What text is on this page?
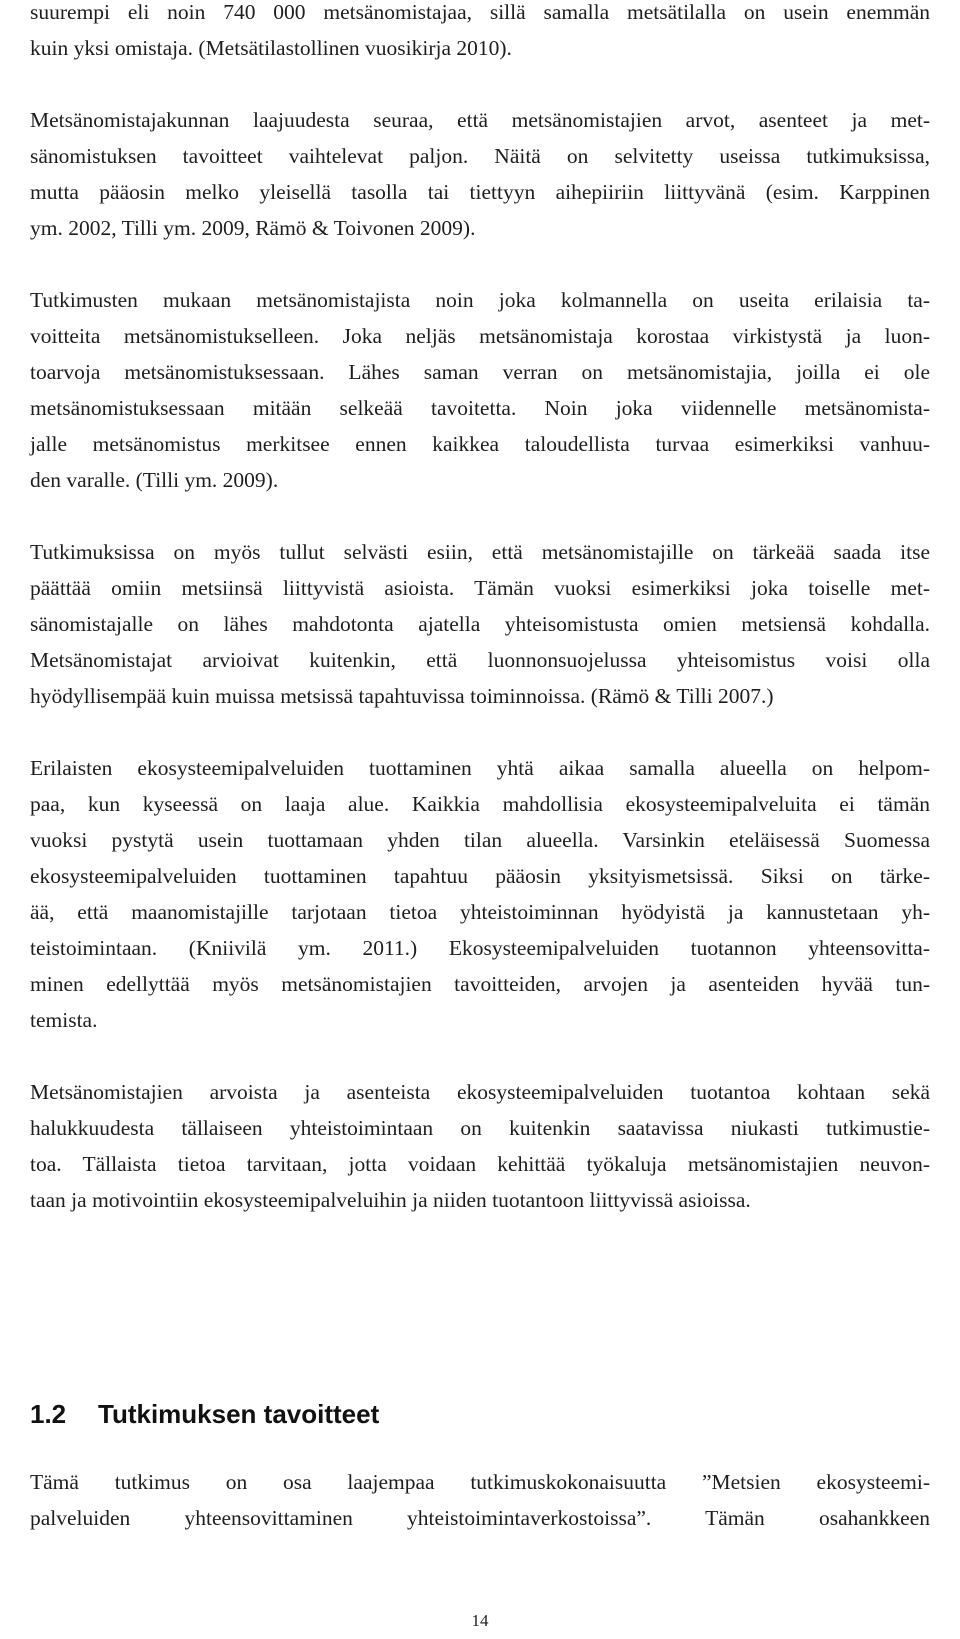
suurempi eli noin 740 000 metsänomistajaa, sillä samalla metsätilalla on usein enemmän

kuin yksi omistaja. (Metsätilastollinen vuosikirja 2010).

Metsänomistajakunnan laajuudesta seuraa, että metsänomistajien arvot, asenteet ja met-

sänomistuksen tavoitteet vaihtelevat paljon. Näitä on selvitetty useissa tutkimuksissa,

mutta pääosin melko yleisellä tasolla tai tiettyyn aihepiiriin liittyvänä (esim. Karppinen

ym. 2002, Tilli ym. 2009, Rämö & Toivonen 2009).

Tutkimusten mukaan metsänomistajista noin joka kolmannella on useita erilaisia ta-

voitteita metsänomistukselleen. Joka neljäs metsänomistaja korostaa virkistystä ja luon-

toarvoja metsänomistuksessaan. Lähes saman verran on metsänomistajia, joilla ei ole

metsänomistuksessaan mitään selkeää tavoitetta. Noin joka viidennelle metsänomista-

jalle metsänomistus merkitsee ennen kaikkea taloudellista turvaa esimerkiksi vanhuu-

den varalle. (Tilli ym. 2009).

Tutkimuksissa on myös tullut selvästi esiin, että metsänomistajille on tärkeää saada itse

päättää omiin metsiinsä liittyvistä asioista. Tämän vuoksi esimerkiksi joka toiselle met-

sänomistajalle on lähes mahdotonta ajatella yhteisomistusta omien metsiensä kohdalla.

Metsänomistajat arvioivat kuitenkin, että luonnonsuojelussa yhteisomistus voisi olla

hyödyllisempää kuin muissa metsissä tapahtuvissa toiminnoissa. (Rämö & Tilli 2007.)

Erilaisten ekosysteemipalveluiden tuottaminen yhtä aikaa samalla alueella on helpom-

paa, kun kyseessä on laaja alue. Kaikkia mahdollisia ekosysteemipalveluita ei tämän

vuoksi pystytä usein tuottamaan yhden tilan alueella. Varsinkin eteläisessä Suomessa

ekosysteemipalveluiden tuottaminen tapahtuu pääosin yksityismetsissä. Siksi on tärke-

ää, että maanomistajille tarjotaan tietoa yhteistoiminnan hyödyistä ja kannustetaan yh-

teistoimintaan. (Kniivilä ym. 2011.) Ekosysteemipalveluiden tuotannon yhteensovitta-

minen edellyttää myös metsänomistajien tavoitteiden, arvojen ja asenteiden hyvää tun-

temista.

Metsänomistajien arvoista ja asenteista ekosysteemipalveluiden tuotantoa kohtaan sekä

halukkuudesta tällaiseen yhteistoimintaan on kuitenkin saatavissa niukasti tutkimustie-

toa. Tällaista tietoa tarvitaan, jotta voidaan kehittää työkaluja metsänomistajien neuvon-

taan ja motivointiin ekosysteemipalveluihin ja niiden tuotantoon liittyvissä asioissa.

1.2 Tutkimuksen tavoitteet

Tämä tutkimus on osa laajempaa tutkimuskokonaisuutta ”Metsien ekosysteemi-

palveluiden yhteensovittaminen yhteistoimintaverkostoissa”. Tämän osahankkeen

14
